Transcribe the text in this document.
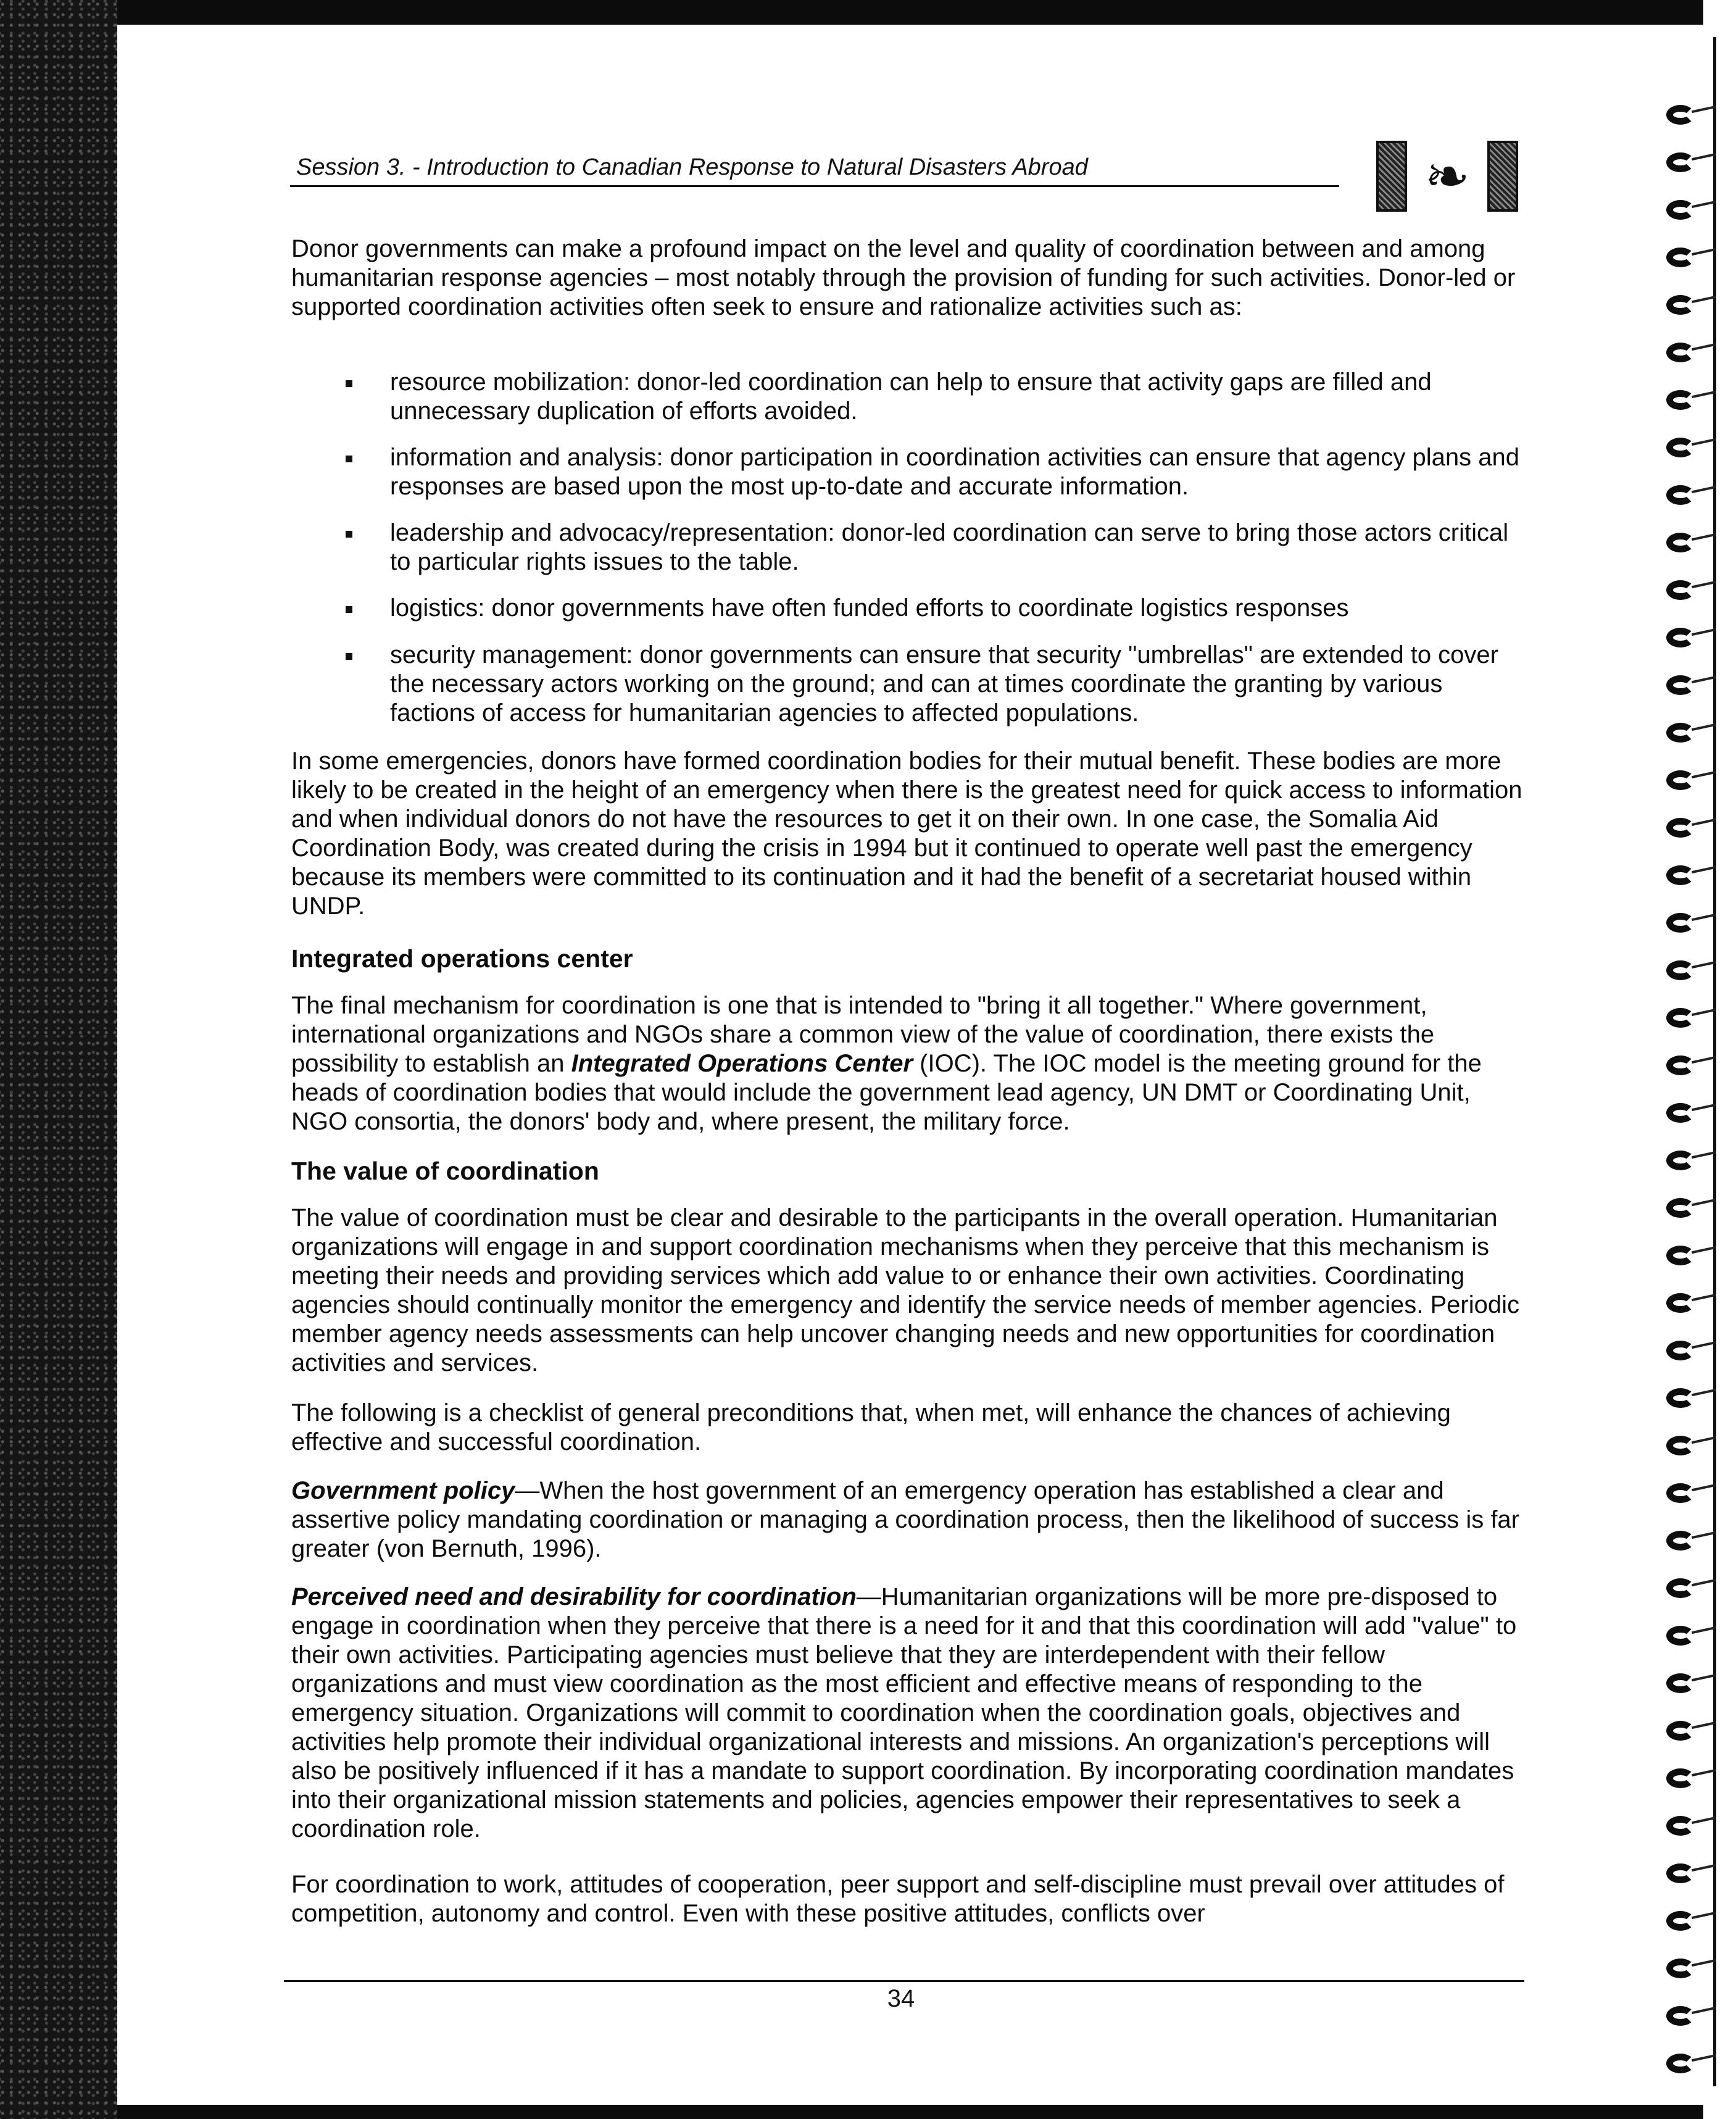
Session 3. - Introduction to Canadian Response to Natural Disasters Abroad	❧

Donor governments can make a profound impact on the level and quality of coordination between and among humanitarian response agencies – most notably through the provision of funding for such activities. Donor-led or supported coordination activities often seek to ensure and rationalize activities such as:

resource mobilization: donor-led coordination can help to ensure that activity gaps are filled and unnecessary duplication of efforts avoided.

information and analysis: donor participation in coordination activities can ensure that agency plans and responses are based upon the most up-to-date and accurate information.

leadership and advocacy/representation: donor-led coordination can serve to bring those actors critical to particular rights issues to the table.

logistics: donor governments have often funded efforts to coordinate logistics responses

security management: donor governments can ensure that security "umbrellas" are extended to cover the necessary actors working on the ground; and can at times coordinate the granting by various factions of access for humanitarian agencies to affected populations.

In some emergencies, donors have formed coordination bodies for their mutual benefit. These bodies are more likely to be created in the height of an emergency when there is the greatest need for quick access to information and when individual donors do not have the resources to get it on their own. In one case, the Somalia Aid Coordination Body, was created during the crisis in 1994 but it continued to operate well past the emergency because its members were committed to its continuation and it had the benefit of a secretariat housed within UNDP.

Integrated operations center

The final mechanism for coordination is one that is intended to "bring it all together." Where government, international organizations and NGOs share a common view of the value of coordination, there exists the possibility to establish an Integrated Operations Center (IOC). The IOC model is the meeting ground for the heads of coordination bodies that would include the government lead agency, UN DMT or Coordinating Unit, NGO consortia, the donors' body and, where present, the military force.

The value of coordination

The value of coordination must be clear and desirable to the participants in the overall operation. Humanitarian organizations will engage in and support coordination mechanisms when they perceive that this mechanism is meeting their needs and providing services which add value to or enhance their own activities. Coordinating agencies should continually monitor the emergency and identify the service needs of member agencies. Periodic member agency needs assessments can help uncover changing needs and new opportunities for coordination activities and services.

The following is a checklist of general preconditions that, when met, will enhance the chances of achieving effective and successful coordination.

Government policy—When the host government of an emergency operation has established a clear and assertive policy mandating coordination or managing a coordination process, then the likelihood of success is far greater (von Bernuth, 1996).

Perceived need and desirability for coordination—Humanitarian organizations will be more pre-disposed to engage in coordination when they perceive that there is a need for it and that this coordination will add "value" to their own activities. Participating agencies must believe that they are interdependent with their fellow organizations and must view coordination as the most efficient and effective means of responding to the emergency situation. Organizations will commit to coordination when the coordination goals, objectives and activities help promote their individual organizational interests and missions. An organization's perceptions will also be positively influenced if it has a mandate to support coordination. By incorporating coordination mandates into their organizational mission statements and policies, agencies empower their representatives to seek a coordination role.

For coordination to work, attitudes of cooperation, peer support and self-discipline must prevail over attitudes of competition, autonomy and control. Even with these positive attitudes, conflicts over

34
